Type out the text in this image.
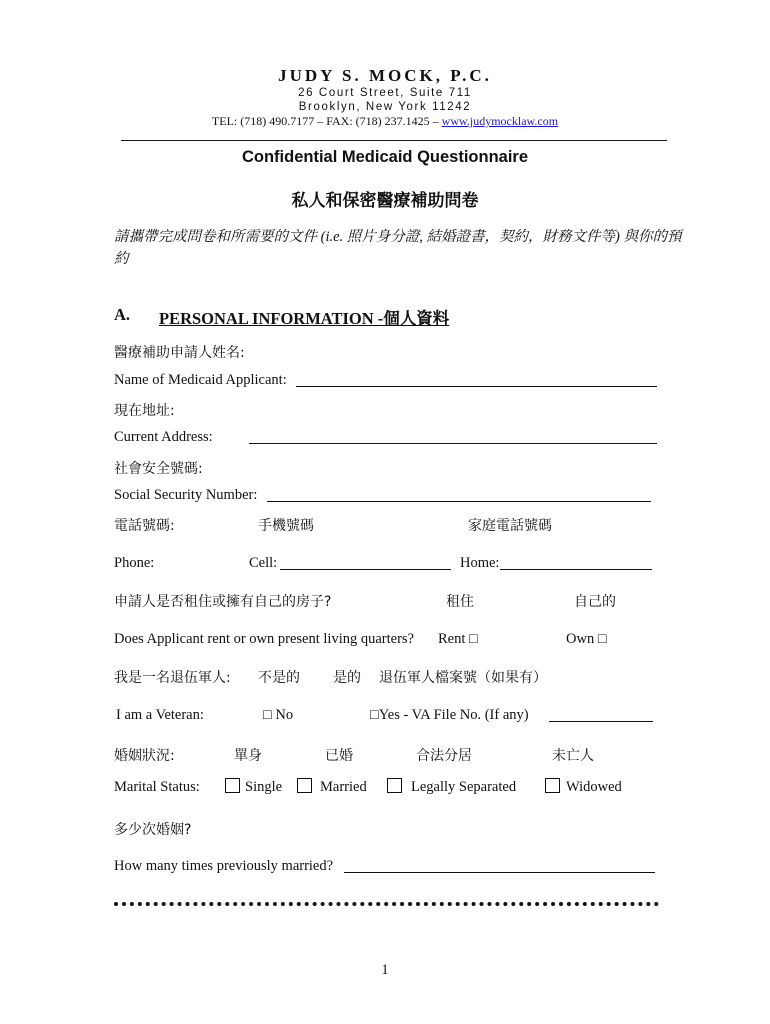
JUDY S. MOCK, P.C.
26 Court Street, Suite 711
Brooklyn, New York 11242
TEL: (718) 490.7177 – FAX: (718) 237.1425 – www.judymocklaw.com
Confidential Medicaid Questionnaire
私人和保密醫療補助問卷
請攜帶完成問卷和所需要的文件 (i.e. 照片身分證, 結婚證書，契約，財務文件等) 與你的預約
A. PERSONAL INFORMATION -個人資料
醫療補助申請人姓名:
Name of Medicaid Applicant:
現在地址:
Current Address:
社會安全號碼:
Social Security Number:
電話號碼:	手機號碼	家庭電話號碼
Phone:	Cell:	Home:
申請人是否租住或擁有自己的房子?	租住	自己的
Does Applicant rent or own present living quarters? Rent □	Own □
我是一名退伍軍人: 不是的 是的 退伍軍人檔案號（如果有）
I am a Veteran:	□ No	□Yes - VA File No. (If any)
婚姻狀況:	單身	已婚	合法分居	未亡人
Marital Status:	Single	Married	Legally Separated	Widowed
多少次婚姻?
How many times previously married?
1
